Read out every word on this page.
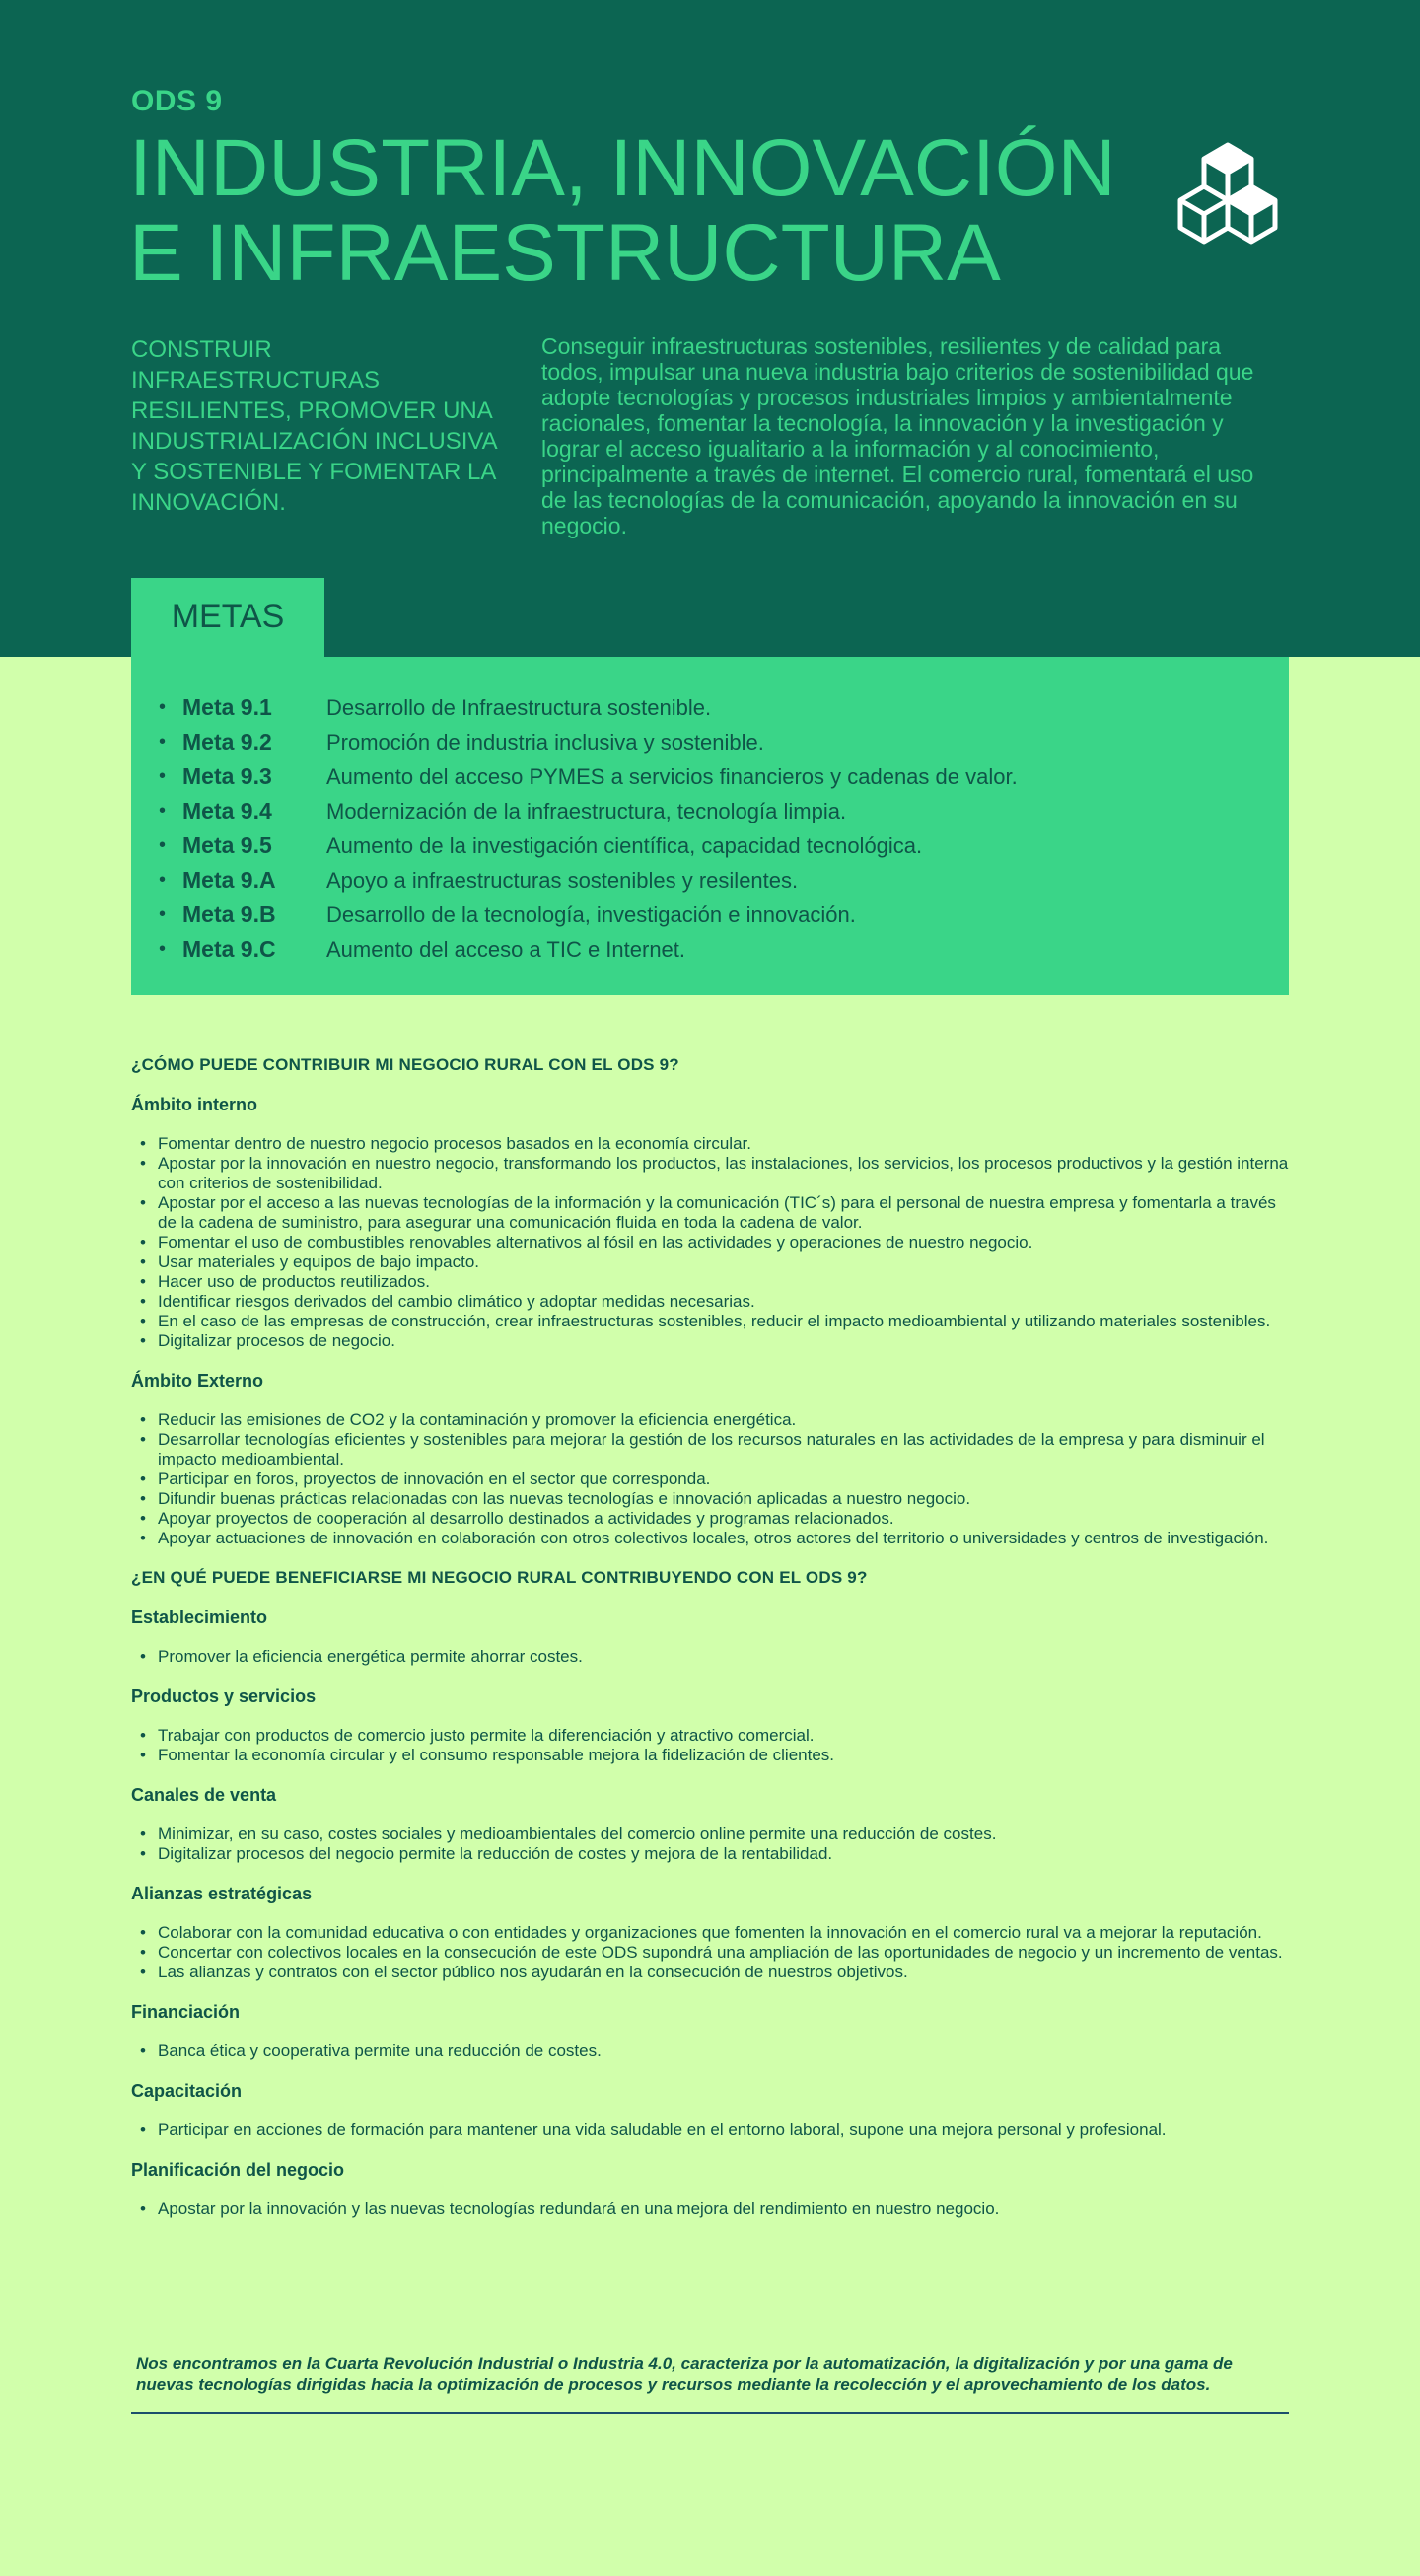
ODS 9
INDUSTRIA, INNOVACIÓN E INFRAESTRUCTURA
CONSTRUIR INFRAESTRUCTURAS RESILIENTES, PROMOVER UNA INDUSTRIALIZACIÓN INCLUSIVA Y SOSTENIBLE Y FOMENTAR LA INNOVACIÓN.
Conseguir infraestructuras sostenibles, resilientes y de calidad para todos, impulsar una nueva industria bajo criterios de sostenibilidad que adopte tecnologías y procesos industriales limpios y ambientalmente racionales, fomentar la tecnología, la innovación y la investigación y lograr el acceso igualitario a la información y al conocimiento, principalmente a través de internet. El comercio rural, fomentará el uso de las tecnologías de la comunicación, apoyando la innovación en su negocio.
METAS
• Meta 9.1	Desarrollo de Infraestructura sostenible.
• Meta 9.2	Promoción de industria inclusiva y sostenible.
• Meta 9.3	Aumento del acceso PYMES a servicios financieros y cadenas de valor.
• Meta 9.4	Modernización de la infraestructura, tecnología limpia.
• Meta 9.5	Aumento de la investigación científica, capacidad tecnológica.
• Meta 9.A	Apoyo a infraestructuras sostenibles y resilentes.
• Meta 9.B	Desarrollo de la tecnología, investigación e innovación.
• Meta 9.C	Aumento del acceso a TIC e Internet.
¿CÓMO PUEDE CONTRIBUIR MI NEGOCIO RURAL CON EL ODS 9?
Ámbito interno
• Fomentar dentro de nuestro negocio procesos basados en la economía circular.
• Apostar por la innovación en nuestro negocio, transformando los productos, las instalaciones, los servicios, los procesos productivos y la gestión interna con criterios de sostenibilidad.
• Apostar por el acceso a las nuevas tecnologías de la información y la comunicación (TIC´s) para el personal de nuestra empresa y fomentarla a través de la cadena de suministro, para asegurar una comunicación fluida en toda la cadena de valor.
• Fomentar el uso de combustibles renovables alternativos al fósil en las actividades y operaciones de nuestro negocio.
• Usar materiales y equipos de bajo impacto.
• Hacer uso de productos reutilizados.
• Identificar riesgos derivados del cambio climático y adoptar medidas necesarias.
• En el caso de las empresas de construcción, crear infraestructuras sostenibles, reducir el impacto medioambiental y utilizando materiales sostenibles.
• Digitalizar procesos de negocio.
Ámbito Externo
• Reducir las emisiones de CO2 y la contaminación y promover la eficiencia energética.
• Desarrollar tecnologías eficientes y sostenibles para mejorar la gestión de los recursos naturales en las actividades de la empresa y para disminuir el impacto medioambiental.
• Participar en foros, proyectos de innovación en el sector que corresponda.
• Difundir buenas prácticas relacionadas con las nuevas tecnologías e innovación aplicadas a nuestro negocio.
• Apoyar proyectos de cooperación al desarrollo destinados a actividades y programas relacionados.
• Apoyar actuaciones de innovación en colaboración con otros colectivos locales, otros actores del territorio o universidades y centros de investigación.
¿EN QUÉ PUEDE BENEFICIARSE MI NEGOCIO RURAL CONTRIBUYENDO CON EL ODS 9?
Establecimiento
• Promover la eficiencia energética permite ahorrar costes.
Productos y servicios
• Trabajar con productos de comercio justo permite la diferenciación y atractivo comercial.
• Fomentar la economía circular y el consumo responsable mejora la fidelización de clientes.
Canales de venta
• Minimizar, en su caso, costes sociales y medioambientales del comercio online permite una reducción de costes.
• Digitalizar procesos del negocio permite la reducción de costes y mejora de la rentabilidad.
Alianzas estratégicas
• Colaborar con la comunidad educativa o con entidades y organizaciones que fomenten la innovación en el comercio rural va a mejorar la reputación.
• Concertar con colectivos locales en la consecución de este ODS supondrá una ampliación de las oportunidades de negocio y un incremento de ventas.
• Las alianzas y contratos con el sector público nos ayudarán en la consecución de nuestros objetivos.
Financiación
• Banca ética y cooperativa permite una reducción de costes.
Capacitación
• Participar en acciones de formación para mantener una vida saludable en el entorno laboral, supone una mejora personal y profesional.
Planificación del negocio
• Apostar por la innovación y las nuevas tecnologías redundará en una mejora del rendimiento en nuestro negocio.

Nos encontramos en la Cuarta Revolución Industrial o Industria 4.0, caracteriza por la automatización, la digitalización y por una gama de nuevas tecnologías dirigidas hacia la optimización de procesos y recursos mediante la recolección y el aprovechamiento de los datos.
